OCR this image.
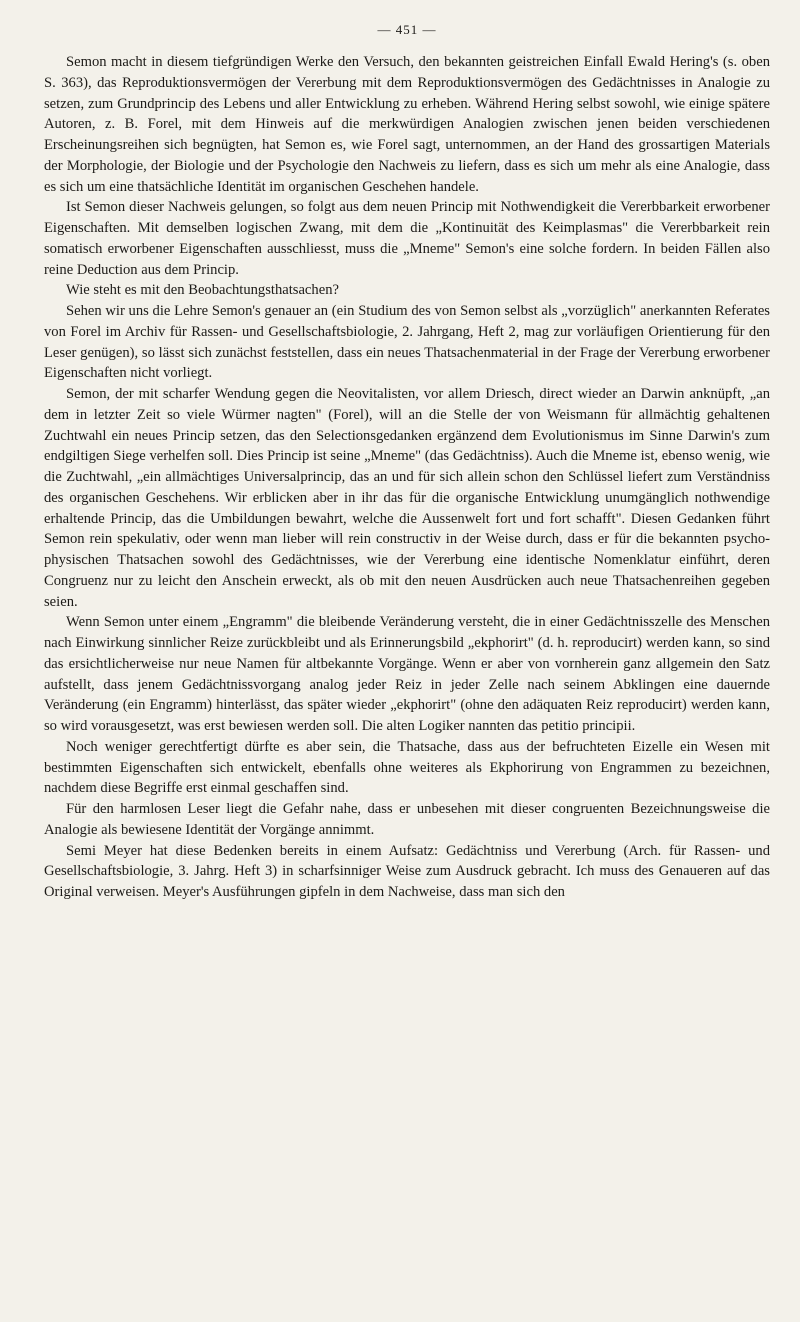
— 451 —

Semon macht in diesem tiefgründigen Werke den Versuch, den bekannten geistreichen Einfall Ewald Hering's (s. oben S. 363), das Reproduktionsvermögen der Vererbung mit dem Reproduktionsvermögen des Gedächtnisses in Analogie zu setzen, zum Grundprincip des Lebens und aller Entwicklung zu erheben. Während Hering selbst sowohl, wie einige spätere Autoren, z. B. Forel, mit dem Hinweis auf die merkwürdigen Analogien zwischen jenen beiden verschiedenen Erscheinungsreihen sich begnügten, hat Semon es, wie Forel sagt, unternommen, an der Hand des grossartigen Materials der Morphologie, der Biologie und der Psychologie den Nachweis zu liefern, dass es sich um mehr als eine Analogie, dass es sich um eine thatsächliche Identität im organischen Geschehen handele.

Ist Semon dieser Nachweis gelungen, so folgt aus dem neuen Princip mit Nothwendigkeit die Vererbbarkeit erworbener Eigenschaften. Mit demselben logischen Zwang, mit dem die „Kontinuität des Keimplasmas" die Vererbbarkeit rein somatisch erworbener Eigenschaften ausschliesst, muss die „Mneme" Semon's eine solche fordern. In beiden Fällen also reine Deduction aus dem Princip.

Wie steht es mit den Beobachtungsthatsachen?

Sehen wir uns die Lehre Semon's genauer an (ein Studium des von Semon selbst als „vorzüglich" anerkannten Referates von Forel im Archiv für Rassen- und Gesellschaftsbiologie, 2. Jahrgang, Heft 2, mag zur vorläufigen Orientierung für den Leser genügen), so lässt sich zunächst feststellen, dass ein neues Thatsachenmaterial in der Frage der Vererbung erworbener Eigenschaften nicht vorliegt.

Semon, der mit scharfer Wendung gegen die Neovitalisten, vor allem Driesch, direct wieder an Darwin anknüpft, „an dem in letzter Zeit so viele Würmer nagten" (Forel), will an die Stelle der von Weismann für allmächtig gehaltenen Zuchtwahl ein neues Princip setzen, das den Selectionsgedanken ergänzend dem Evolutionismus im Sinne Darwin's zum endgiltigen Siege verhelfen soll. Dies Princip ist seine „Mneme" (das Gedächtniss). Auch die Mneme ist, ebenso wenig, wie die Zuchtwahl, „ein allmächtiges Universalprincip, das an und für sich allein schon den Schlüssel liefert zum Verständniss des organischen Geschehens. Wir erblicken aber in ihr das für die organische Entwicklung unumgänglich nothwendige erhaltende Princip, das die Umbildungen bewahrt, welche die Aussenwelt fort und fort schafft". Diesen Gedanken führt Semon rein spekulativ, oder wenn man lieber will rein constructiv in der Weise durch, dass er für die bekannten psycho-physischen Thatsachen sowohl des Gedächtnisses, wie der Vererbung eine identische Nomenklatur einführt, deren Congruenz nur zu leicht den Anschein erweckt, als ob mit den neuen Ausdrücken auch neue Thatsachenreihen gegeben seien.

Wenn Semon unter einem „Engramm" die bleibende Veränderung versteht, die in einer Gedächtnisszelle des Menschen nach Einwirkung sinnlicher Reize zurückbleibt und als Erinnerungsbild „ekphorirt" (d. h. reproducirt) werden kann, so sind das ersichtlicherweise nur neue Namen für altbekannte Vorgänge. Wenn er aber von vornherein ganz allgemein den Satz aufstellt, dass jenem Gedächtnissvorgang analog jeder Reiz in jeder Zelle nach seinem Abklingen eine dauernde Veränderung (ein Engramm) hinterlässt, das später wieder „ekphorirt" (ohne den adäquaten Reiz reproducirt) werden kann, so wird vorausgesetzt, was erst bewiesen werden soll. Die alten Logiker nannten das petitio principii.

Noch weniger gerechtfertigt dürfte es aber sein, die Thatsache, dass aus der befruchteten Eizelle ein Wesen mit bestimmten Eigenschaften sich entwickelt, ebenfalls ohne weiteres als Ekphorirung von Engrammen zu bezeichnen, nachdem diese Begriffe erst einmal geschaffen sind.

Für den harmlosen Leser liegt die Gefahr nahe, dass er unbesehen mit dieser congruenten Bezeichnungsweise die Analogie als bewiesene Identität der Vorgänge annimmt.

Semi Meyer hat diese Bedenken bereits in einem Aufsatz: Gedächtniss und Vererbung (Arch. für Rassen- und Gesellschaftsbiologie, 3. Jahrg. Heft 3) in scharfsinniger Weise zum Ausdruck gebracht. Ich muss des Genaueren auf das Original verweisen. Meyer's Ausführungen gipfeln in dem Nachweise, dass man sich den
